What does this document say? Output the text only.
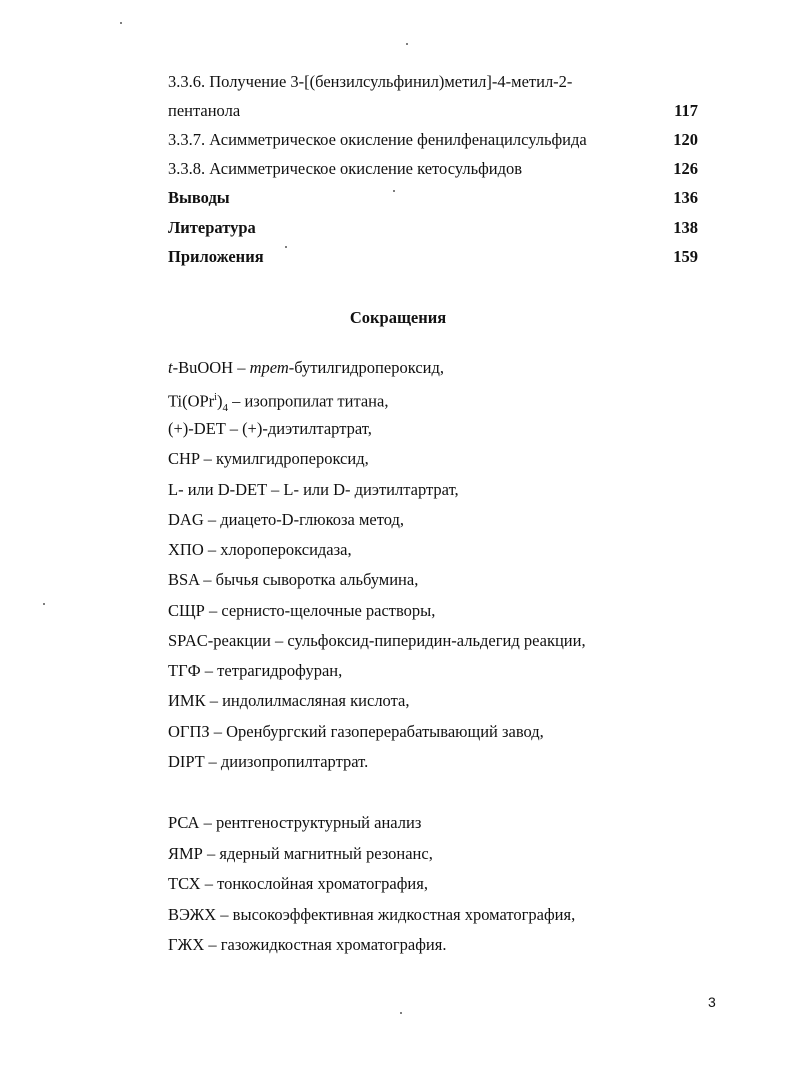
3.3.6. Получение 3-[(бензилсульфинил)метил]-4-метил-2-
пентанола	117
3.3.7. Асимметрическое окисление фенилфенацилсульфида	120
3.3.8. Асимметрическое окисление кетосульфидов	126
Выводы	136
Литература	138
Приложения	159
Сокращения
t-BuOOH – трет-бутилгидропероксид,
$Ti(OPr^i)_4$ – изопропилат титана,
(+)-DET – (+)-диэтилтартрат,
CHP – кумилгидропероксид,
L- или D-DET – L- или D- диэтилтартрат,
DAG – диацето-D-глюкоза метод,
ХПО – хлоропероксидаза,
BSA – бычья сыворотка альбумина,
СЩР – сернисто-щелочные растворы,
SPAC-реакции – сульфоксид-пиперидин-альдегид реакции,
ТГФ – тетрагидрофуран,
ИМК – индолилмасляная кислота,
ОГПЗ – Оренбургский газоперерабатывающий завод,
DIPT – диизопропилтартрат.
РСА – рентгеноструктурный анализ
ЯМР – ядерный магнитный резонанс,
ТСХ – тонкослойная хроматография,
ВЭЖХ – высокоэффективная жидкостная хроматография,
ГЖХ – газожидкостная хроматография.
3
